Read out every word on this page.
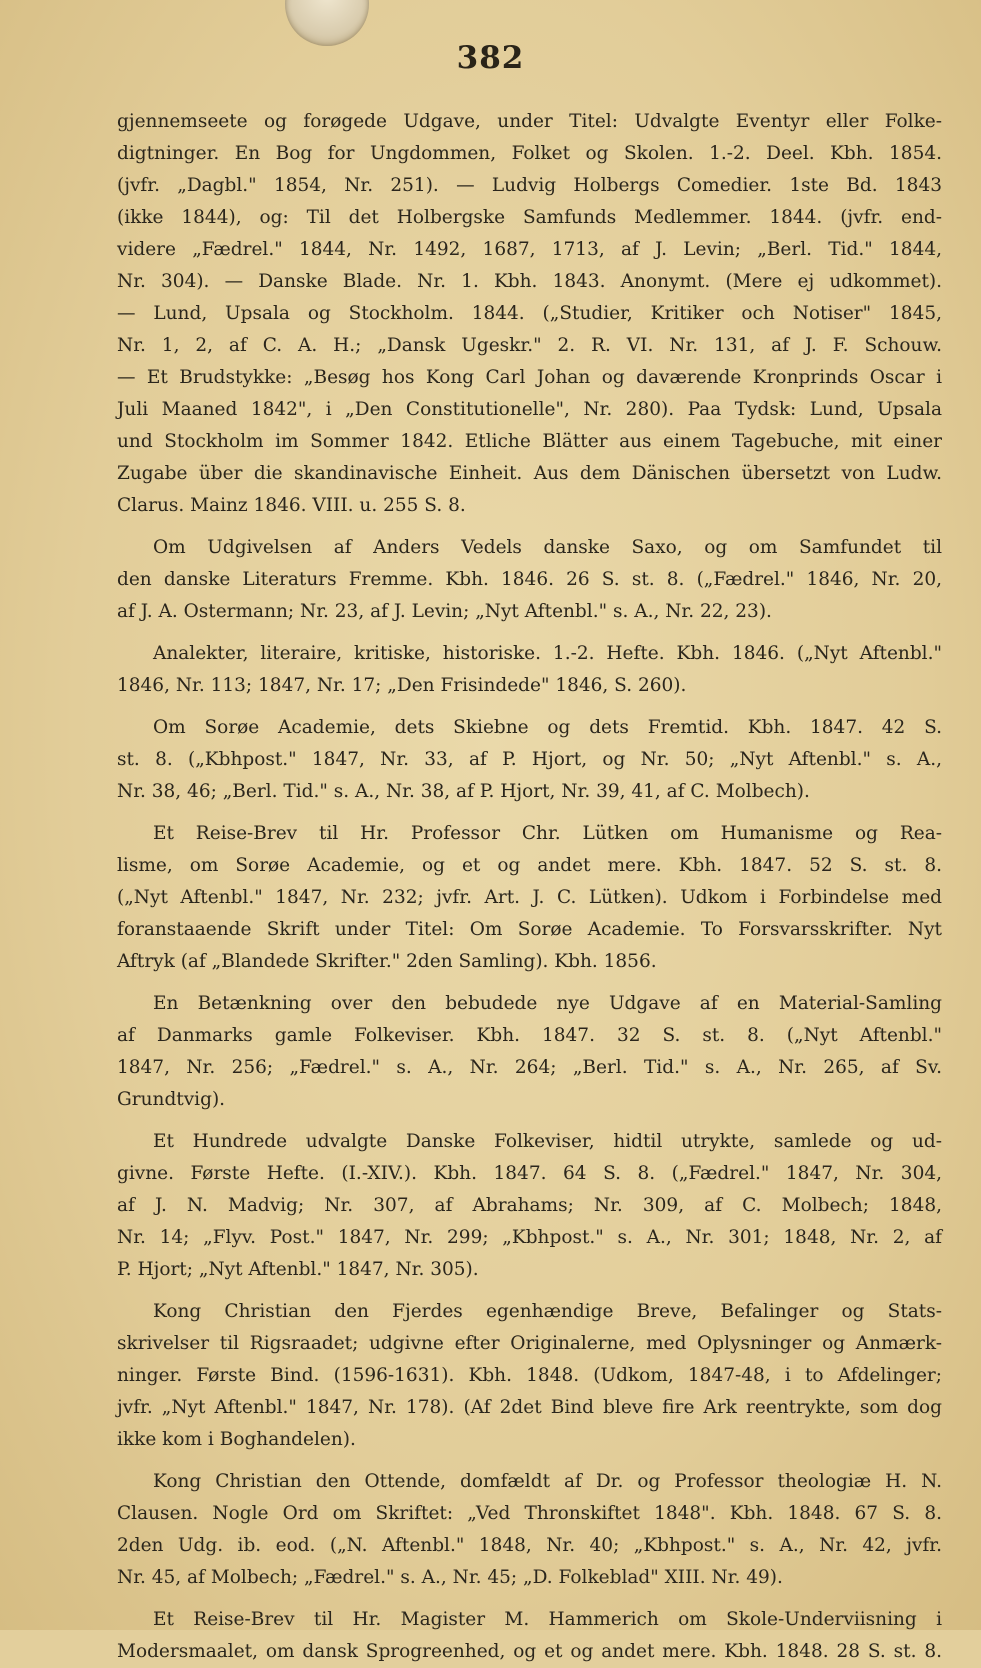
382
gjennemseete og forøgede Udgave, under Titel: Udvalgte Eventyr eller Folke-
digtninger. En Bog for Ungdommen, Folket og Skolen. 1.-2. Deel. Kbh. 1854.
(jvfr. „Dagbl." 1854, Nr. 251). — Ludvig Holbergs Comedier. 1ste Bd. 1843
(ikke 1844), og: Til det Holbergske Samfunds Medlemmer. 1844. (jvfr. end-
videre „Fædrel." 1844, Nr. 1492, 1687, 1713, af J. Levin; „Berl. Tid." 1844,
Nr. 304). — Danske Blade. Nr. 1. Kbh. 1843. Anonymt. (Mere ej udkommet).
— Lund, Upsala og Stockholm. 1844. („Studier, Kritiker och Notiser" 1845,
Nr. 1, 2, af C. A. H.; „Dansk Ugeskr." 2. R. VI. Nr. 131, af J. F. Schouw.
— Et Brudstykke: „Besøg hos Kong Carl Johan og daværende Kronprinds Oscar i
Juli Maaned 1842", i „Den Constitutionelle", Nr. 280). Paa Tydsk: Lund, Upsala
und Stockholm im Sommer 1842. Etliche Blätter aus einem Tagebuche, mit einer
Zugabe über die skandinavische Einheit. Aus dem Dänischen übersetzt von Ludw.
Clarus. Mainz 1846. VIII. u. 255 S. 8.
Om Udgivelsen af Anders Vedels danske Saxo, og om Samfundet til
den danske Literaturs Fremme. Kbh. 1846. 26 S. st. 8. („Fædrel." 1846, Nr. 20,
af J. A. Ostermann; Nr. 23, af J. Levin; „Nyt Aftenbl." s. A., Nr. 22, 23).
Analekter, literaire, kritiske, historiske. 1.-2. Hefte. Kbh. 1846. („Nyt Aftenbl."
1846, Nr. 113; 1847, Nr. 17; „Den Frisindede" 1846, S. 260).
Om Sorøe Academie, dets Skiebne og dets Fremtid. Kbh. 1847. 42 S.
st. 8. („Kbhpost." 1847, Nr. 33, af P. Hjort, og Nr. 50; „Nyt Aftenbl." s. A.,
Nr. 38, 46; „Berl. Tid." s. A., Nr. 38, af P. Hjort, Nr. 39, 41, af C. Molbech).
Et Reise-Brev til Hr. Professor Chr. Lütken om Humanisme og Rea-
lisme, om Sorøe Academie, og et og andet mere. Kbh. 1847. 52 S. st. 8.
(„Nyt Aftenbl." 1847, Nr. 232; jvfr. Art. J. C. Lütken). Udkom i Forbindelse med
foranstaaende Skrift under Titel: Om Sorøe Academie. To Forsvarsskrifter. Nyt
Aftryk (af „Blandede Skrifter." 2den Samling). Kbh. 1856.
En Betænkning over den bebudede nye Udgave af en Material-Samling
af Danmarks gamle Folkeviser. Kbh. 1847. 32 S. st. 8. („Nyt Aftenbl."
1847, Nr. 256; „Fædrel." s. A., Nr. 264; „Berl. Tid." s. A., Nr. 265, af Sv.
Grundtvig).
Et Hundrede udvalgte Danske Folkeviser, hidtil utrykte, samlede og ud-
givne. Første Hefte. (I.-XIV.). Kbh. 1847. 64 S. 8. („Fædrel." 1847, Nr. 304,
af J. N. Madvig; Nr. 307, af Abrahams; Nr. 309, af C. Molbech; 1848,
Nr. 14; „Flyv. Post." 1847, Nr. 299; „Kbhpost." s. A., Nr. 301; 1848, Nr. 2, af
P. Hjort; „Nyt Aftenbl." 1847, Nr. 305).
Kong Christian den Fjerdes egenhændige Breve, Befalinger og Stats-
skrivelser til Rigsraadet; udgivne efter Originalerne, med Oplysninger og Anmærk-
ninger. Første Bind. (1596-1631). Kbh. 1848. (Udkom, 1847-48, i to Afdelinger;
jvfr. „Nyt Aftenbl." 1847, Nr. 178). (Af 2det Bind bleve fire Ark reentrykte, som dog
ikke kom i Boghandelen).
Kong Christian den Ottende, domfældt af Dr. og Professor theologiæ H. N.
Clausen. Nogle Ord om Skriftet: „Ved Thronskiftet 1848". Kbh. 1848. 67 S. 8.
2den Udg. ib. eod. („N. Aftenbl." 1848, Nr. 40; „Kbhpost." s. A., Nr. 42, jvfr.
Nr. 45, af Molbech; „Fædrel." s. A., Nr. 45; „D. Folkeblad" XIII. Nr. 49).
Et Reise-Brev til Hr. Magister M. Hammerich om Skole-Underviisning i
Modersmaalet, om dansk Sprogreenhed, og et og andet mere. Kbh. 1848. 28 S. st. 8.
